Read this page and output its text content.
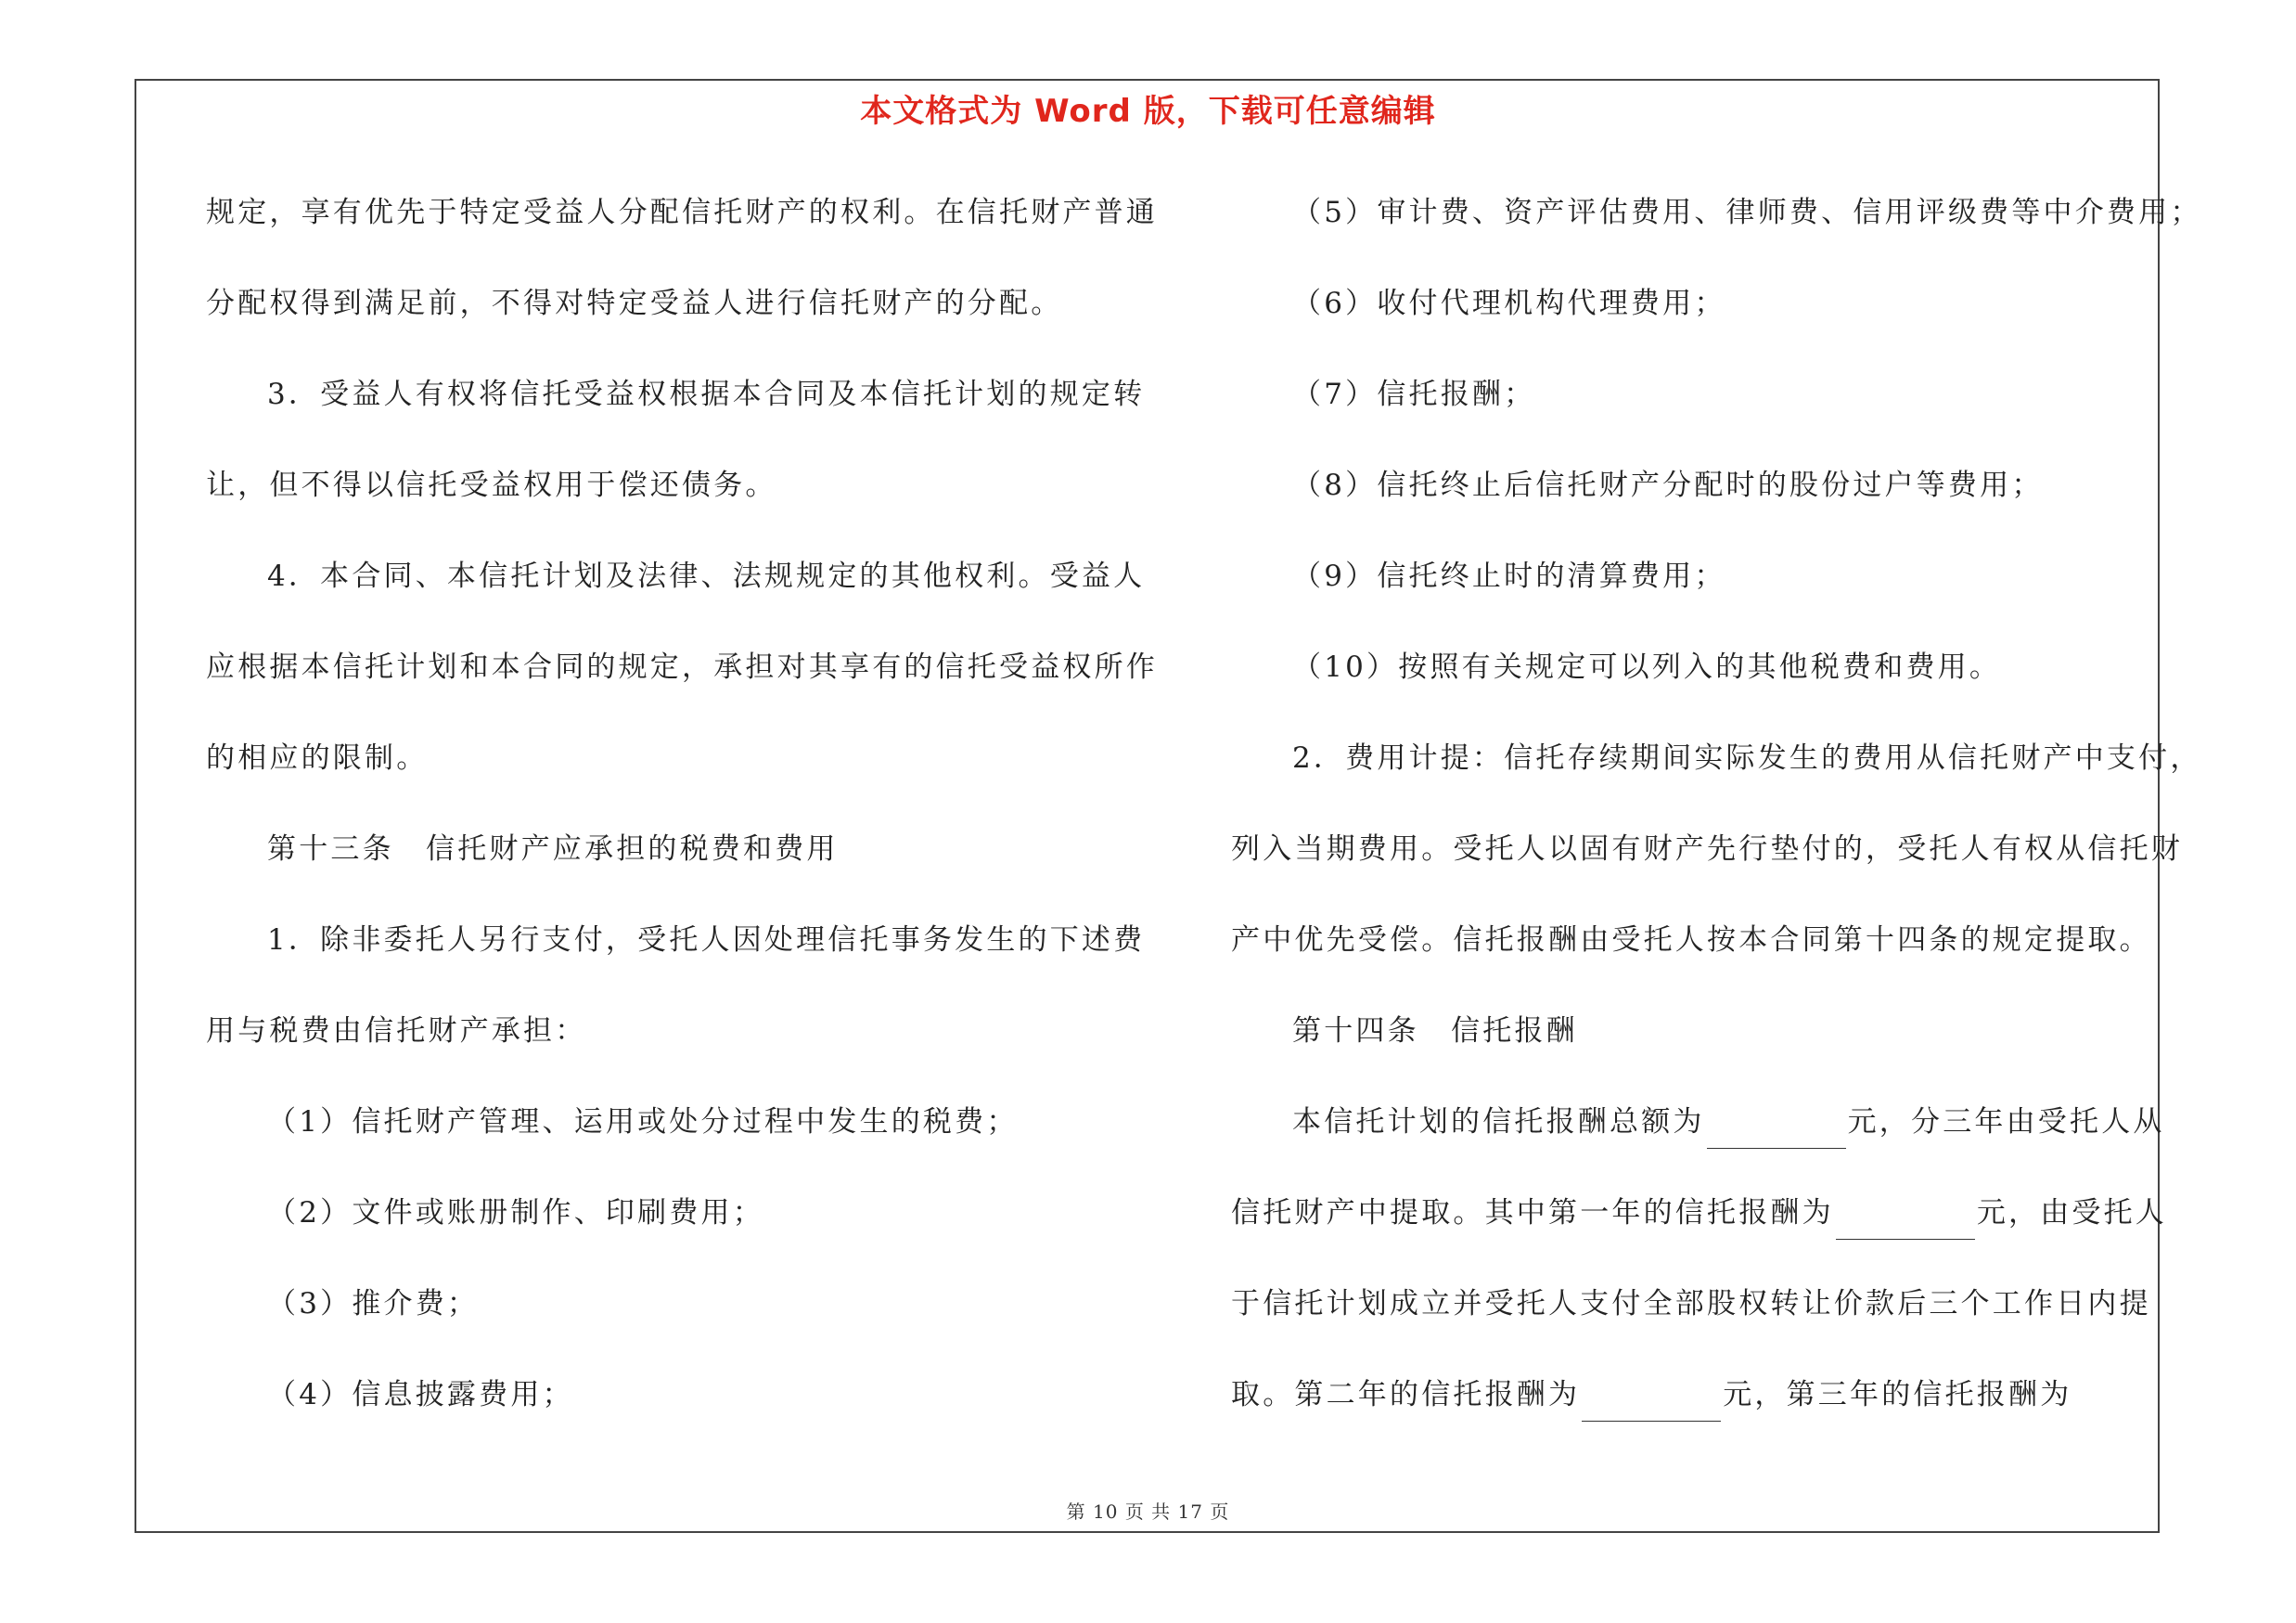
本文格式为 Word 版，下载可任意编辑
规定，享有优先于特定受益人分配信托财产的权利。在信托财产普通
分配权得到满足前，不得对特定受益人进行信托财产的分配。
3．受益人有权将信托受益权根据本合同及本信托计划的规定转
让，但不得以信托受益权用于偿还债务。
4．本合同、本信托计划及法律、法规规定的其他权利。受益人
应根据本信托计划和本合同的规定，承担对其享有的信托受益权所作
的相应的限制。
第十三条　信托财产应承担的税费和费用
1．除非委托人另行支付，受托人因处理信托事务发生的下述费
用与税费由信托财产承担：
（1）信托财产管理、运用或处分过程中发生的税费；
（2）文件或账册制作、印刷费用；
（3）推介费；
（4）信息披露费用；
（5）审计费、资产评估费用、律师费、信用评级费等中介费用；
（6）收付代理机构代理费用；
（7）信托报酬；
（8）信托终止后信托财产分配时的股份过户等费用；
（9）信托终止时的清算费用；
（10）按照有关规定可以列入的其他税费和费用。
2．费用计提：信托存续期间实际发生的费用从信托财产中支付，
列入当期费用。受托人以固有财产先行垫付的，受托人有权从信托财
产中优先受偿。信托报酬由受托人按本合同第十四条的规定提取。
第十四条　信托报酬
本信托计划的信托报酬总额为	元，分三年由受托人从
信托财产中提取。其中第一年的信托报酬为	元，由受托人
于信托计划成立并受托人支付全部股权转让价款后三个工作日内提
取。第二年的信托报酬为	元，第三年的信托报酬为
第 10 页 共 17 页
